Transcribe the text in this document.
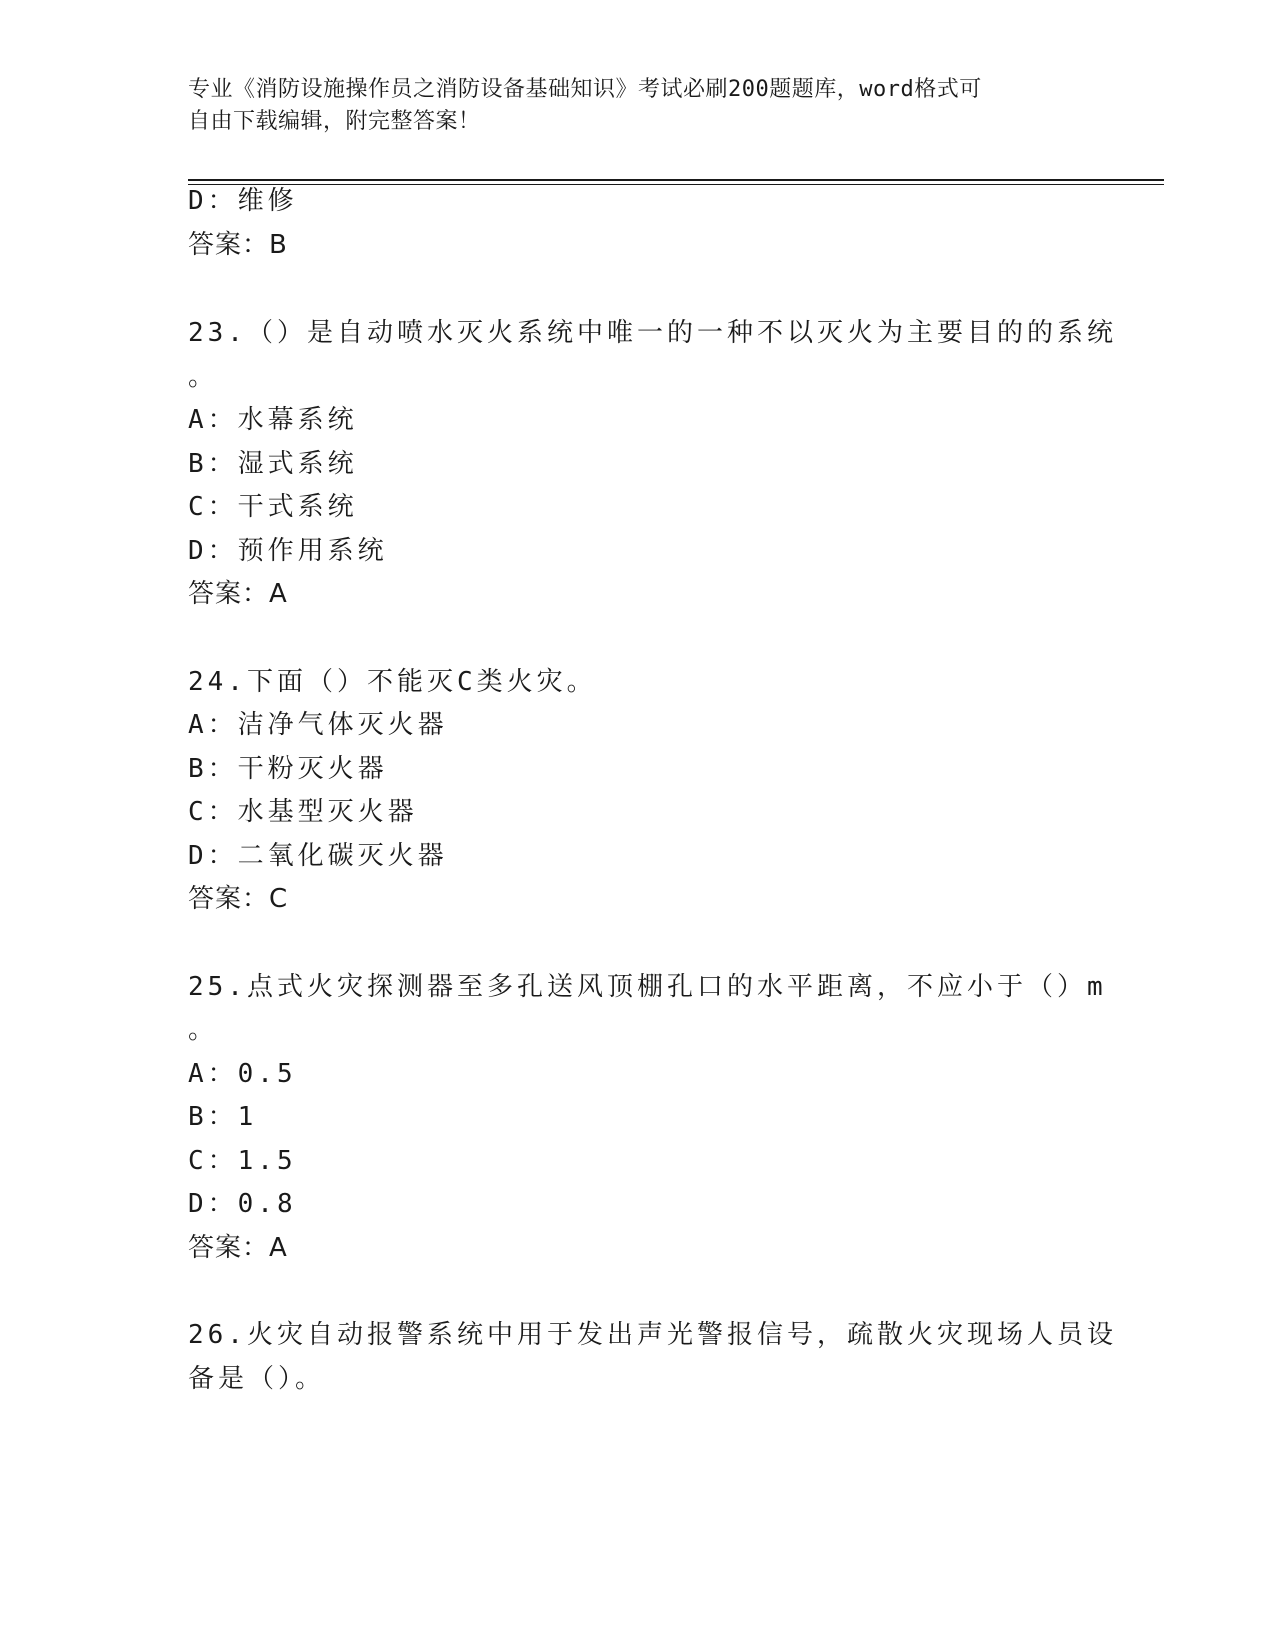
专业《消防设施操作员之消防设备基础知识》考试必刷200题题库，word格式可
自由下载编辑，附完整答案！
D：维修
答案：B
23.（）是自动喷水灭火系统中唯一的一种不以灭火为主要目的的系统
。
A：水幕系统
B：湿式系统
C：干式系统
D：预作用系统
答案：A
24.下面（）不能灭C类火灾。
A：洁净气体灭火器
B：干粉灭火器
C：水基型灭火器
D：二氧化碳灭火器
答案：C
25.点式火灾探测器至多孔送风顶棚孔口的水平距离，不应小于（）m
。
A：0.5
B：1
C：1.5
D：0.8
答案：A
26.火灾自动报警系统中用于发出声光警报信号，疏散火灾现场人员设
备是（）。
